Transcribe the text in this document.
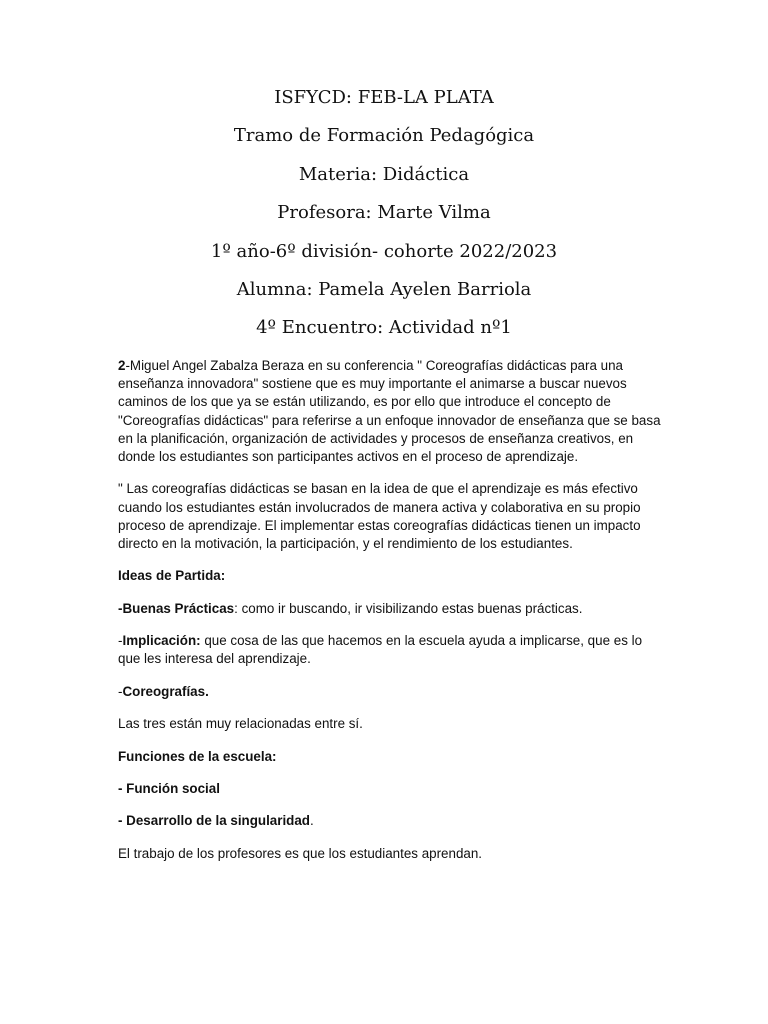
ISFYCD: FEB-LA PLATA

Tramo de Formación Pedagógica

Materia: Didáctica

Profesora: Marte Vilma

1º año-6º división- cohorte 2022/2023

Alumna: Pamela Ayelen Barriola

4º Encuentro: Actividad nº1

2-Miguel Angel Zabalza Beraza en su conferencia " Coreografías didácticas para una enseñanza innovadora" sostiene que es muy importante el animarse a buscar nuevos caminos de los que ya se están utilizando, es por ello que introduce el concepto de "Coreografías didácticas" para referirse a un enfoque innovador de enseñanza que se basa en la planificación, organización de actividades y procesos de enseñanza creativos, en donde los estudiantes son participantes activos en el proceso de aprendizaje.

" Las coreografías didácticas se basan en la idea de que el aprendizaje es más efectivo cuando los estudiantes están involucrados de manera activa y colaborativa en su propio proceso de aprendizaje. El implementar estas coreografías didácticas tienen un impacto directo en la motivación, la participación, y el rendimiento de los estudiantes.

Ideas de Partida:

-Buenas Prácticas: como ir buscando, ir visibilizando estas buenas prácticas.

-Implicación: que cosa de las que hacemos en la escuela ayuda a implicarse, que es lo que les interesa del aprendizaje.

-Coreografías.

Las tres están muy relacionadas entre sí.

Funciones de la escuela:

- Función social

- Desarrollo de la singularidad.

El trabajo de los profesores es que los estudiantes aprendan.
